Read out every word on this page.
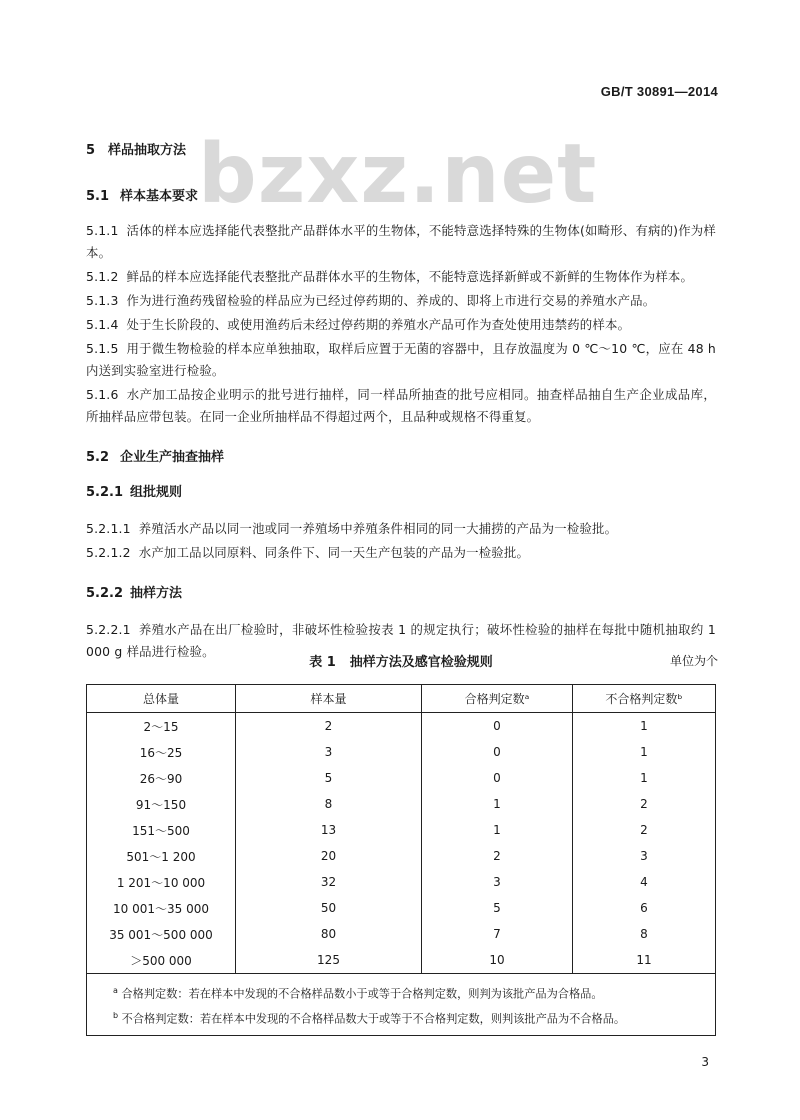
GB/T 30891—2014
bzxz.net
5 样品抽取方法
5.1 样本基本要求

5.1.1 活体的样本应选择能代表整批产品群体水平的生物体，不能特意选择特殊的生物体(如畸形、有病的)作为样本。

5.1.2 鲜品的样本应选择能代表整批产品群体水平的生物体，不能特意选择新鲜或不新鲜的生物体作为样本。

5.1.3 作为进行渔药残留检验的样品应为已经过停药期的、养成的、即将上市进行交易的养殖水产品。

5.1.4 处于生长阶段的、或使用渔药后未经过停药期的养殖水产品可作为查处使用违禁药的样本。

5.1.5 用于微生物检验的样本应单独抽取，取样后应置于无菌的容器中，且存放温度为 0 ℃～10 ℃，应在 48 h 内送到实验室进行检验。

5.1.6 水产加工品按企业明示的批号进行抽样，同一样品所抽查的批号应相同。抽查样品抽自生产企业成品库，所抽样品应带包装。在同一企业所抽样品不得超过两个，且品种或规格不得重复。

5.2 企业生产抽查抽样
5.2.1 组批规则

5.2.1.1 养殖活水产品以同一池或同一养殖场中养殖条件相同的同一大捕捞的产品为一检验批。

5.2.1.2 水产加工品以同原料、同条件下、同一天生产包装的产品为一检验批。

5.2.2 抽样方法

5.2.2.1 养殖水产品在出厂检验时，非破坏性检验按表 1 的规定执行；破坏性检验的抽样在每批中随机抽取约 1 000 g 样品进行检验。

表 1 抽样方法及感官检验规则	单位为个
总体量	样本量	合格判定数ᵃ	不合格判定数ᵇ
2～15	2	0	1
16～25	3	0	1
26～90	5	0	1
91～150	8	1	2
151～500	13	1	2
501～1 200	20	2	3
1 201～10 000	32	3	4
10 001～35 000	50	5	6
35 001～500 000	80	7	8
＞500 000	125	10	11

$^a$ 合格判定数：若在样本中发现的不合格样品数小于或等于合格判定数，则判为该批产品为合格品。
$^b$ 不合格判定数：若在样本中发现的不合格样品数大于或等于不合格判定数，则判该批产品为不合格品。			
3
